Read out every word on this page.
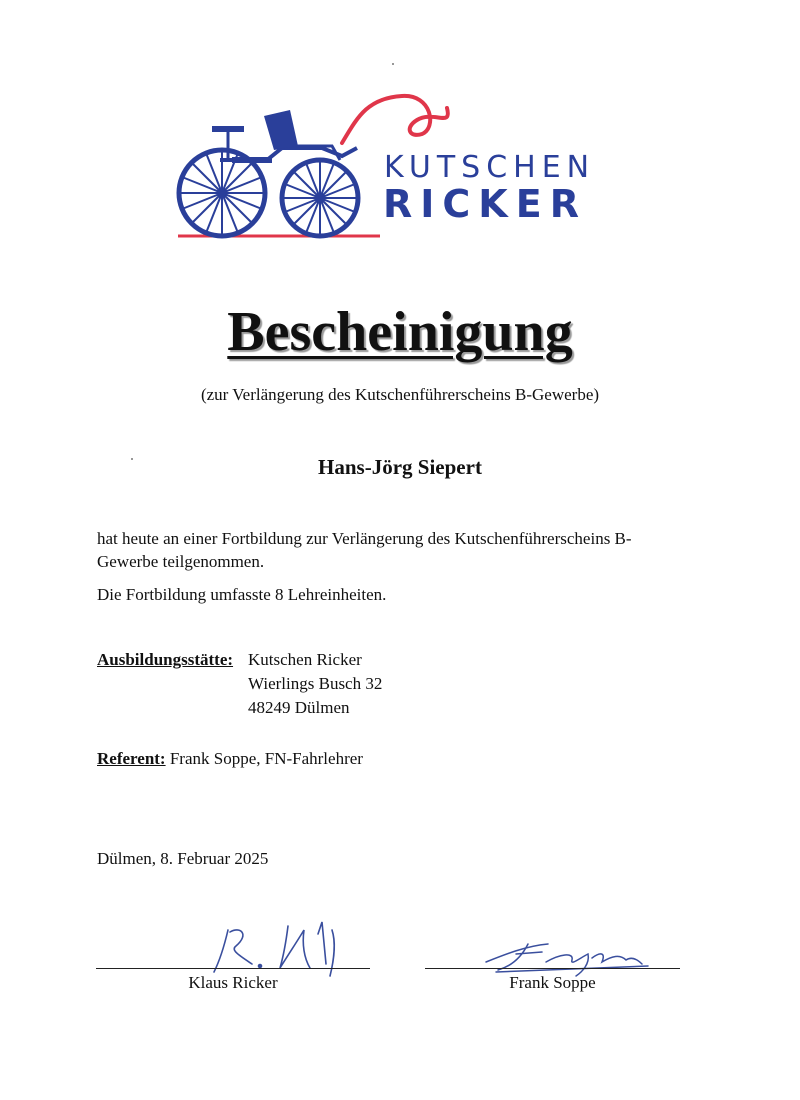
KUTSCHEN
RICKER
Bescheinigung
(zur Verlängerung des Kutschenführerscheins B-Gewerbe)
Hans-Jörg Siepert
hat heute an einer Fortbildung zur Verlängerung des Kutschenführerscheins B-Gewerbe teilgenommen.
Die Fortbildung umfasste 8 Lehreinheiten.
Ausbildungsstätte: Kutschen Ricker
Wierlings Busch 32
48249 Dülmen
Referent: Frank Soppe, FN-Fahrlehrer
Dülmen, 8. Februar 2025
Klaus Ricker	Frank Soppe
